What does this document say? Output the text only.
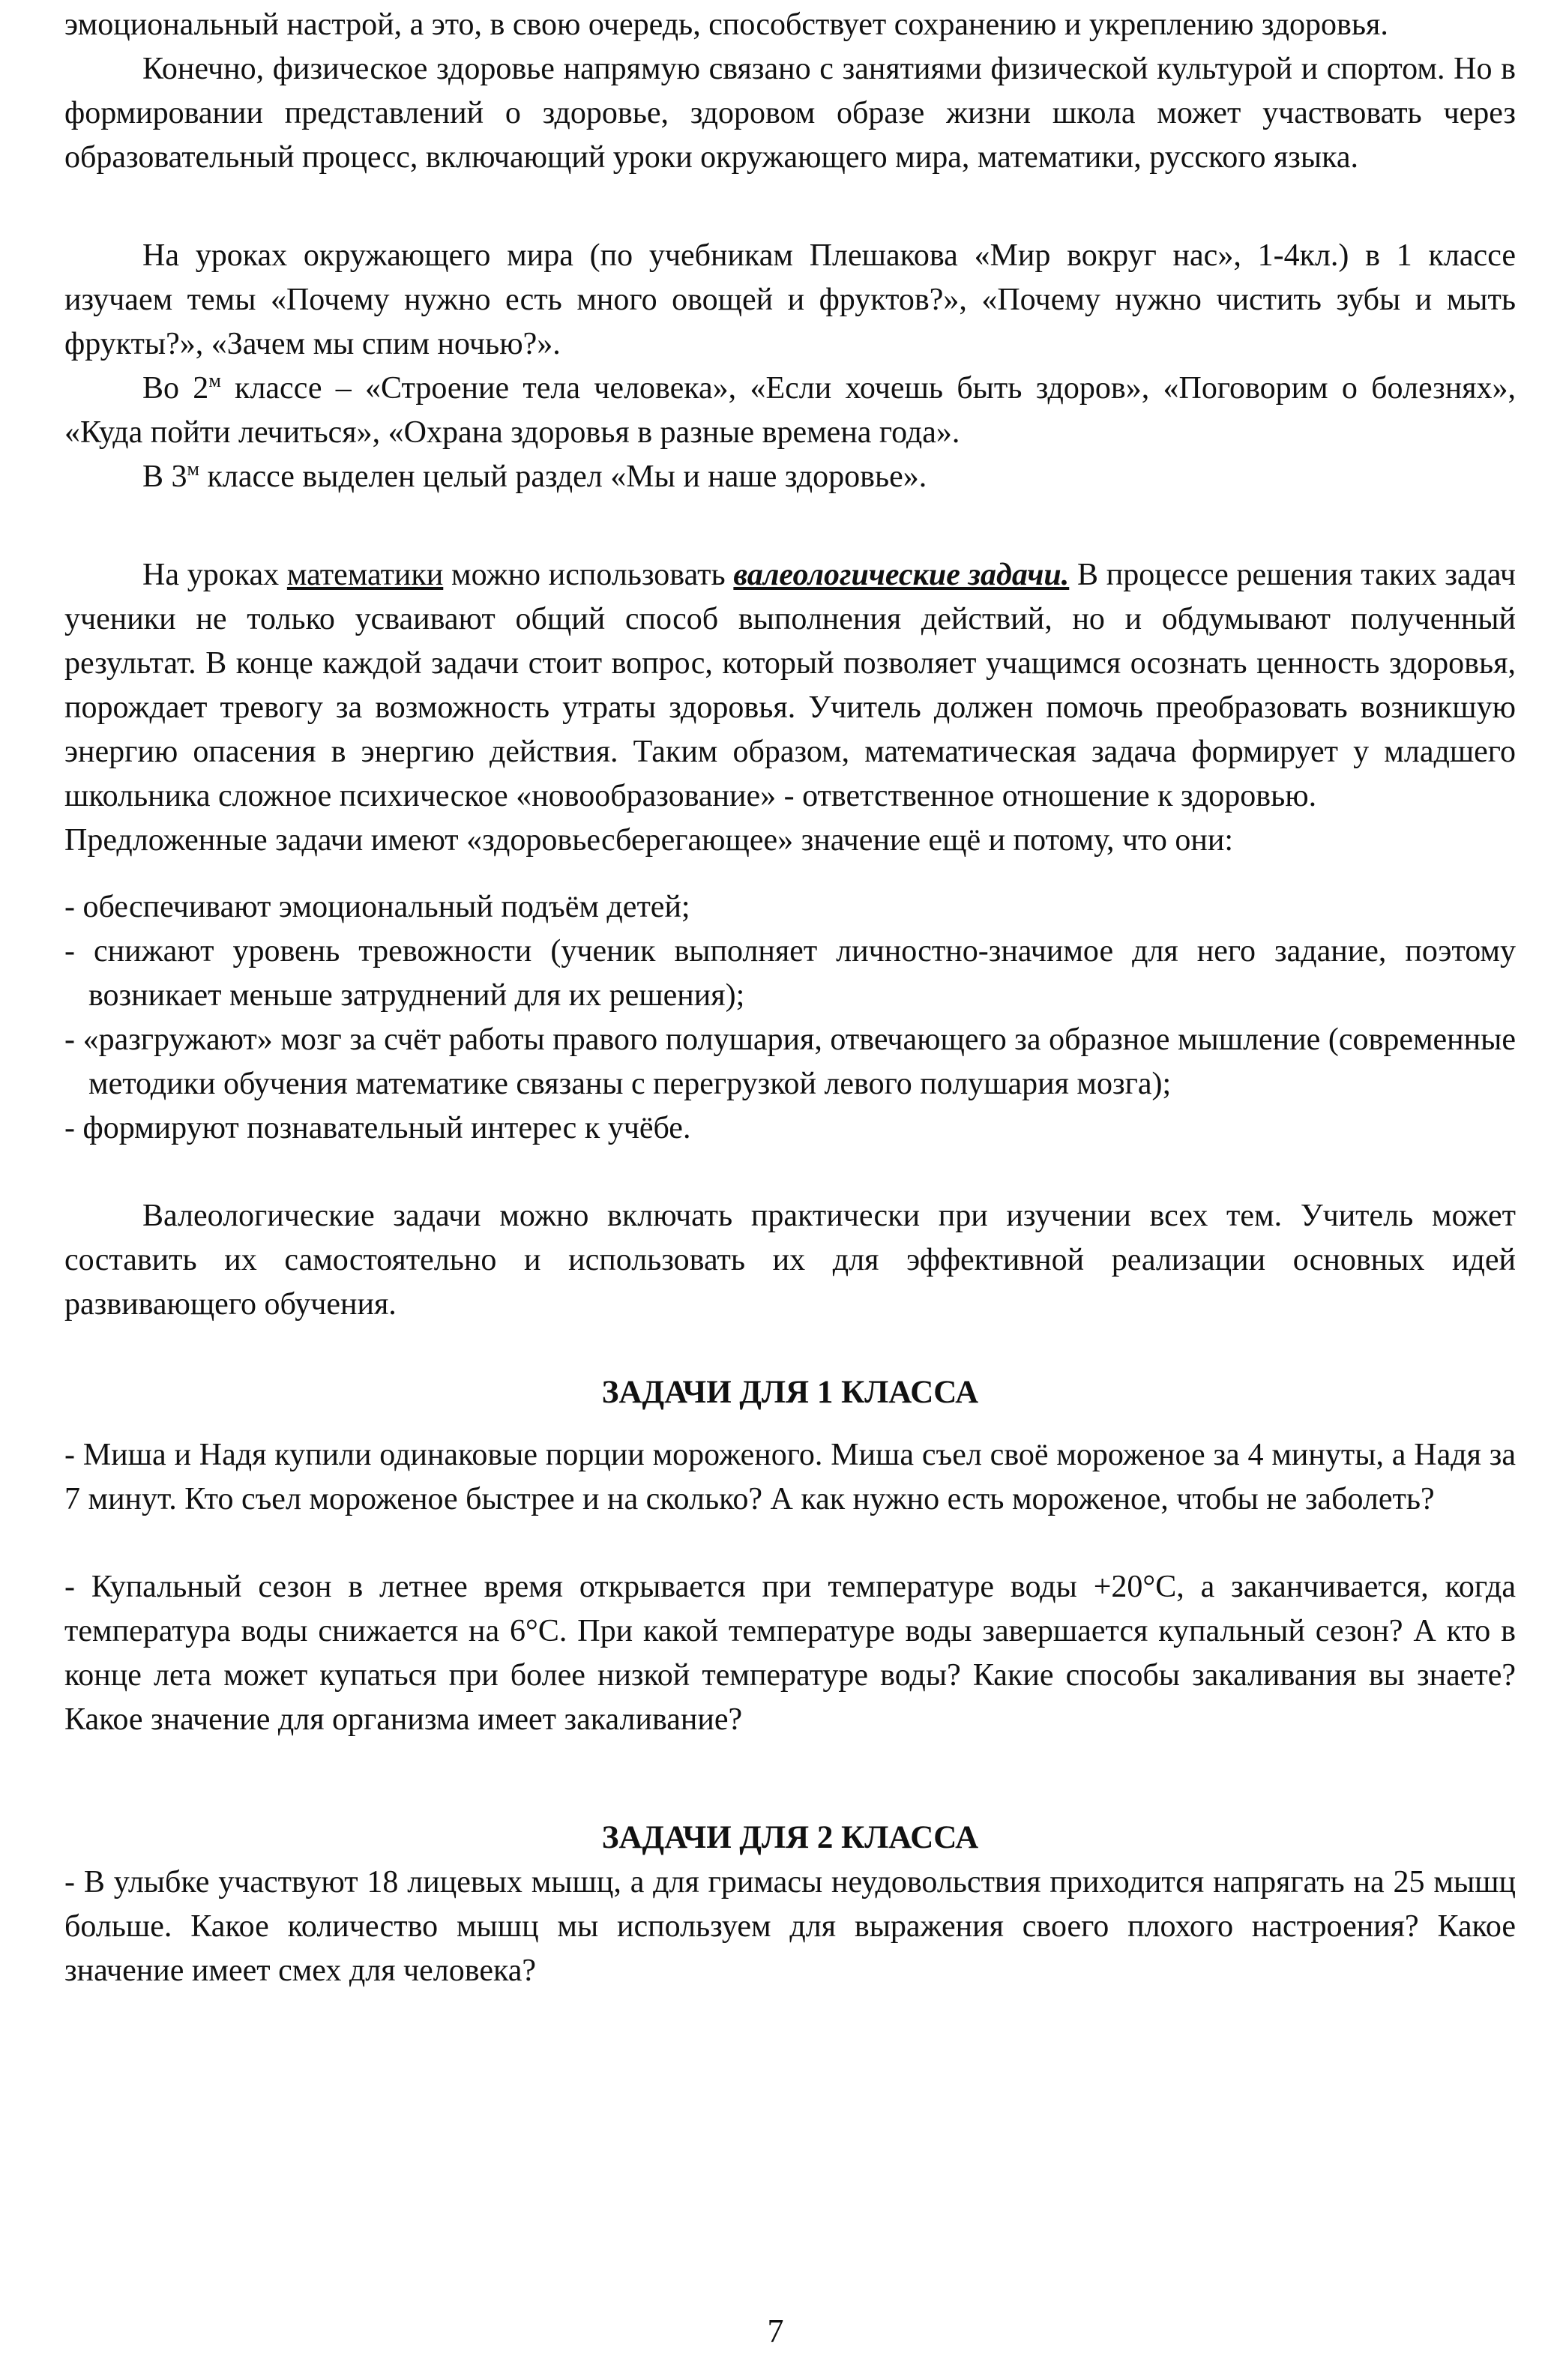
эмоциональный настрой, а это, в свою очередь, способствует сохранению и укреплению здоровья.

Конечно, физическое здоровье напрямую связано с занятиями физической культурой и спортом. Но в формировании представлений о здоровье, здоровом образе жизни школа может участвовать через образовательный процесс, включающий уроки окружающего мира, математики, русского языка.

На уроках окружающего мира (по учебникам Плешакова «Мир вокруг нас», 1-4кл.) в 1 классе изучаем темы «Почему нужно есть много овощей и фруктов?», «Почему нужно чистить зубы и мыть фрукты?», «Зачем мы спим ночью?».

Во $2^м$ классе – «Строение тела человека», «Если хочешь быть здоров», «Поговорим о болезнях», «Куда пойти лечиться», «Охрана здоровья в разные времена года».

В $3^м$ классе выделен целый раздел «Мы и наше здоровье».

На уроках математики можно использовать валеологические задачи. В процессе решения таких задач ученики не только усваивают общий способ выполнения действий, но и обдумывают полученный результат. В конце каждой задачи стоит вопрос, который позволяет учащимся осознать ценность здоровья, порождает тревогу за возможность утраты здоровья. Учитель должен помочь преобразовать возникшую энергию опасения в энергию действия. Таким образом, математическая задача формирует у младшего школьника сложное психическое «новообразование» - ответственное отношение к здоровью.

Предложенные задачи имеют «здоровьесберегающее» значение ещё и потому, что они:

- обеспечивают эмоциональный подъём детей;
- снижают уровень тревожности (ученик выполняет личностно-значимое для него задание, поэтому возникает меньше затруднений для их решения);
- «разгружают» мозг за счёт работы правого полушария, отвечающего за образное мышление (современные методики обучения математике связаны с перегрузкой левого полушария мозга);
- формируют познавательный интерес к учёбе.

Валеологические задачи можно включать практически при изучении всех тем. Учитель может составить их самостоятельно и использовать их для эффективной реализации основных идей развивающего обучения.

ЗАДАЧИ ДЛЯ 1 КЛАССА

- Миша и Надя купили одинаковые порции мороженого. Миша съел своё мороженое за 4 минуты, а Надя за 7 минут. Кто съел мороженое быстрее и на сколько? А как нужно есть мороженое, чтобы не заболеть?

- Купальный сезон в летнее время открывается при температуре воды +20°С, а заканчивается, когда температура воды снижается на 6°С. При какой температуре воды завершается купальный сезон? А кто в конце лета может купаться при более низкой температуре воды? Какие способы закаливания вы знаете? Какое значение для организма имеет закаливание?

ЗАДАЧИ ДЛЯ 2 КЛАССА

- В улыбке участвуют 18 лицевых мышц, а для гримасы неудовольствия приходится напрягать на 25 мышц больше. Какое количество мышц мы используем для выражения своего плохого настроения? Какое значение имеет смех для человека?

7
